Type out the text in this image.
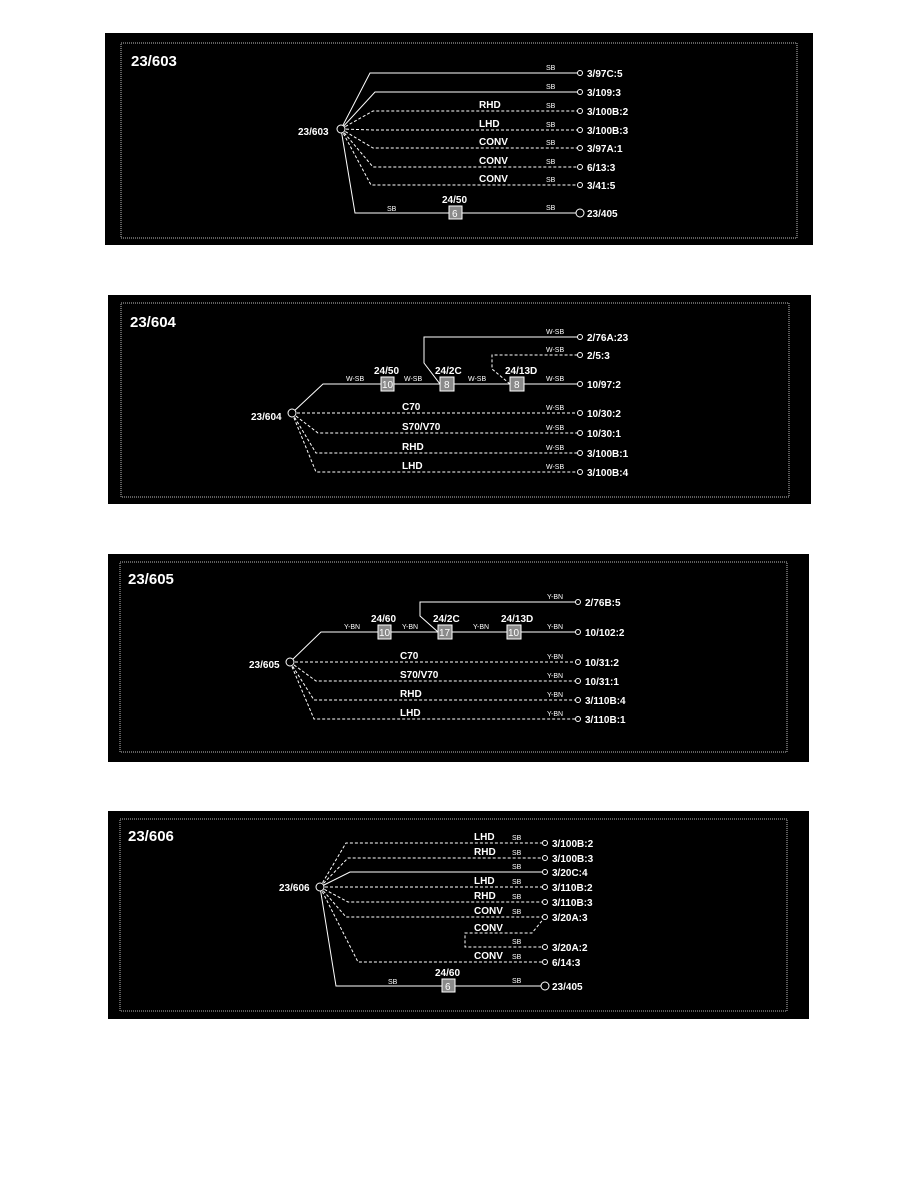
23/603
23/603
3/97C:5
3/109:3
3/100B:2
3/100B:3
3/97A:1
6/13:3
3/41:5
23/405
SB
SB
SB
SB
SB
SB
SB
SB	SB
RHD
LHD
CONV
CONV
CONV
24/50
6
23/604
23/604
10	8	8
24/50	24/2C	24/13D
W-SB	W-SB	W-SB	W-SB
W-SB
W-SB
2/76A:23
2/5:3
10/97:2
10/30:2
10/30:1
3/100B:1
3/100B:4
W-SB
W-SB
W-SB
W-SB
C70
S70/V70
RHD
LHD
23/605
23/605
10	17	10
24/60	24/2C	24/13D
Y-BN	Y-BN	Y-BN	Y-BN
Y-BN
2/76B:5
10/102:2
10/31:2
10/31:1
3/110B:4
3/110B:1
Y-BN
Y-BN
Y-BN
Y-BN
C70
S70/V70
RHD
LHD
23/606
23/606
3/100B:2
3/100B:3
3/20C:4
3/110B:2
3/110B:3
3/20A:3
3/20A:2
6/14:3
23/405
SB
SB
SB
SB
SB
SB
SB
SB
SB	SB
LHD
RHD
LHD
RHD
CONV
CONV
CONV
24/60
6
